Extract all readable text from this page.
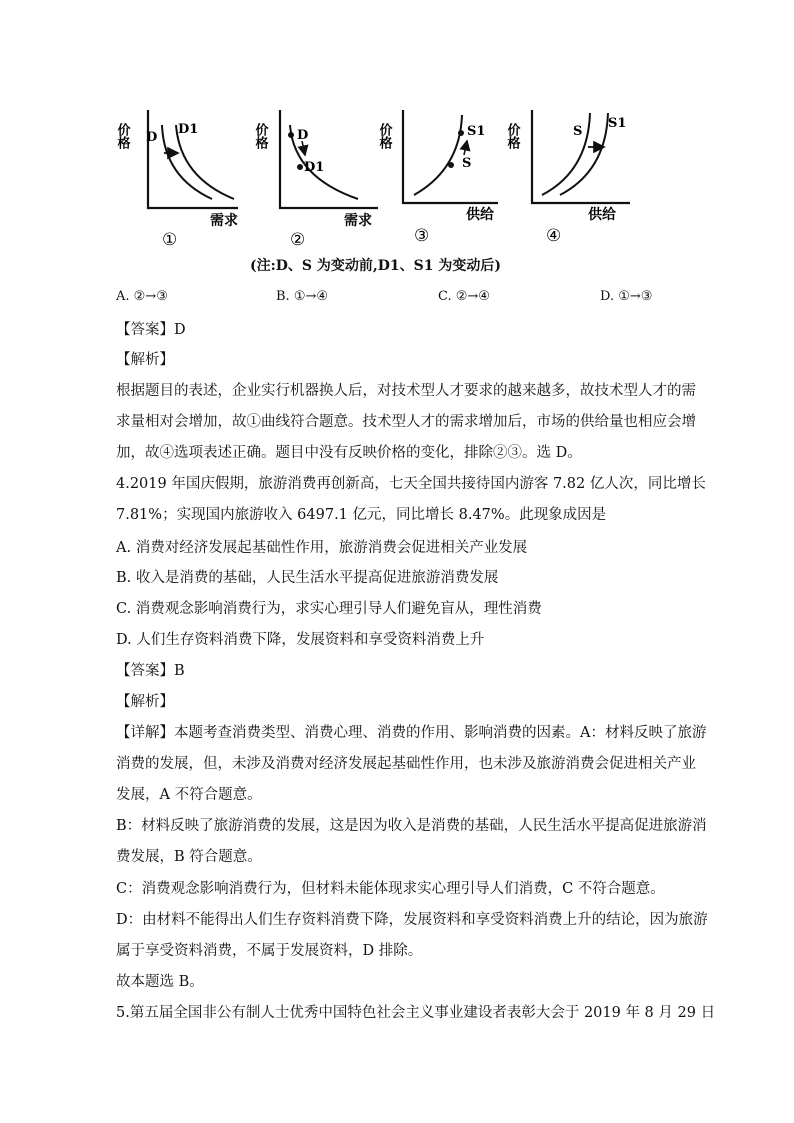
价格 D
D1
需求
①
价格 D
D1
需求
②
价格
S
S1
供给
③
价格	S
S1
供给
④
(注:D、S 为变动前,D1、S1 为变动后)
A. ②→③	B. ①→④	C. ②→④	D. ①→③
【答案】D
【解析】
根据题目的表述，企业实行机器换人后，对技术型人才要求的越来越多，故技术型人才的需
求量相对会增加，故①曲线符合题意。技术型人才的需求增加后，市场的供给量也相应会增
加，故④选项表述正确。题目中没有反映价格的变化，排除②③。选 D。
4.2019 年国庆假期，旅游消费再创新高，七天全国共接待国内游客 7.82 亿人次，同比增长
7.81%；实现国内旅游收入 6497.1 亿元，同比增长 8.47%。此现象成因是
A. 消费对经济发展起基础性作用，旅游消费会促进相关产业发展
B. 收入是消费的基础，人民生活水平提高促进旅游消费发展
C. 消费观念影响消费行为，求实心理引导人们避免盲从，理性消费
D. 人们生存资料消费下降，发展资料和享受资料消费上升
【答案】B
【解析】
【详解】本题考查消费类型、消费心理、消费的作用、影响消费的因素。A：材料反映了旅游
消费的发展，但，未涉及消费对经济发展起基础性作用，也未涉及旅游消费会促进相关产业
发展，A 不符合题意。
B：材料反映了旅游消费的发展，这是因为收入是消费的基础，人民生活水平提高促进旅游消
费发展，B 符合题意。
C：消费观念影响消费行为，但材料未能体现求实心理引导人们消费，C 不符合题意。
D：由材料不能得出人们生存资料消费下降，发展资料和享受资料消费上升的结论，因为旅游
属于享受资料消费，不属于发展资料，D 排除。
故本题选 B。
5.第五届全国非公有制人士优秀中国特色社会主义事业建设者表彰大会于 2019 年 8 月 29 日
